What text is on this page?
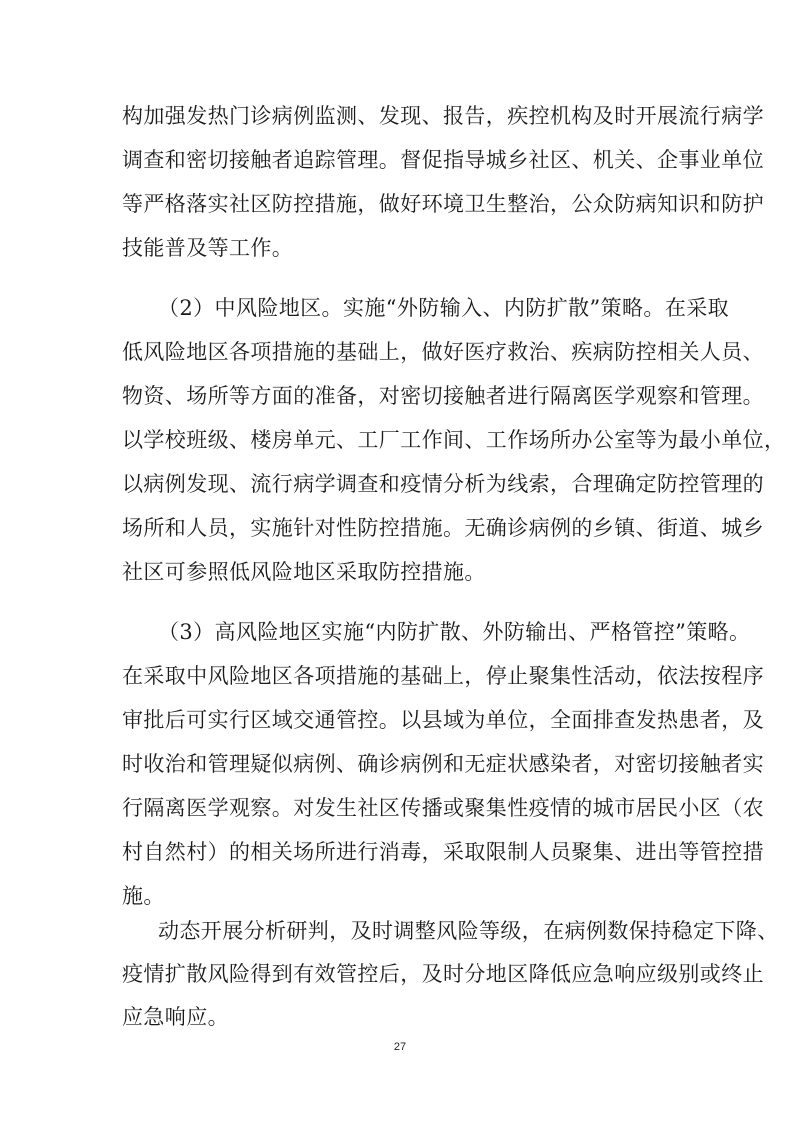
构加强发热门诊病例监测、发现、报告，疾控机构及时开展流行病学
调查和密切接触者追踪管理。督促指导城乡社区、机关、企事业单位
等严格落实社区防控措施，做好环境卫生整治，公众防病知识和防护
技能普及等工作。
（2）中风险地区。实施“外防输入、内防扩散”策略。在采取
低风险地区各项措施的基础上，做好医疗救治、疾病防控相关人员、
物资、场所等方面的准备，对密切接触者进行隔离医学观察和管理。
以学校班级、楼房单元、工厂工作间、工作场所办公室等为最小单位，
以病例发现、流行病学调查和疫情分析为线索，合理确定防控管理的
场所和人员，实施针对性防控措施。无确诊病例的乡镇、街道、城乡
社区可参照低风险地区采取防控措施。
（3）高风险地区实施“内防扩散、外防输出、严格管控”策略。
在采取中风险地区各项措施的基础上，停止聚集性活动，依法按程序
审批后可实行区域交通管控。以县域为单位，全面排查发热患者，及
时收治和管理疑似病例、确诊病例和无症状感染者，对密切接触者实
行隔离医学观察。对发生社区传播或聚集性疫情的城市居民小区（农
村自然村）的相关场所进行消毒，采取限制人员聚集、进出等管控措
施。
动态开展分析研判，及时调整风险等级，在病例数保持稳定下降、
疫情扩散风险得到有效管控后，及时分地区降低应急响应级别或终止
27
应急响应。
